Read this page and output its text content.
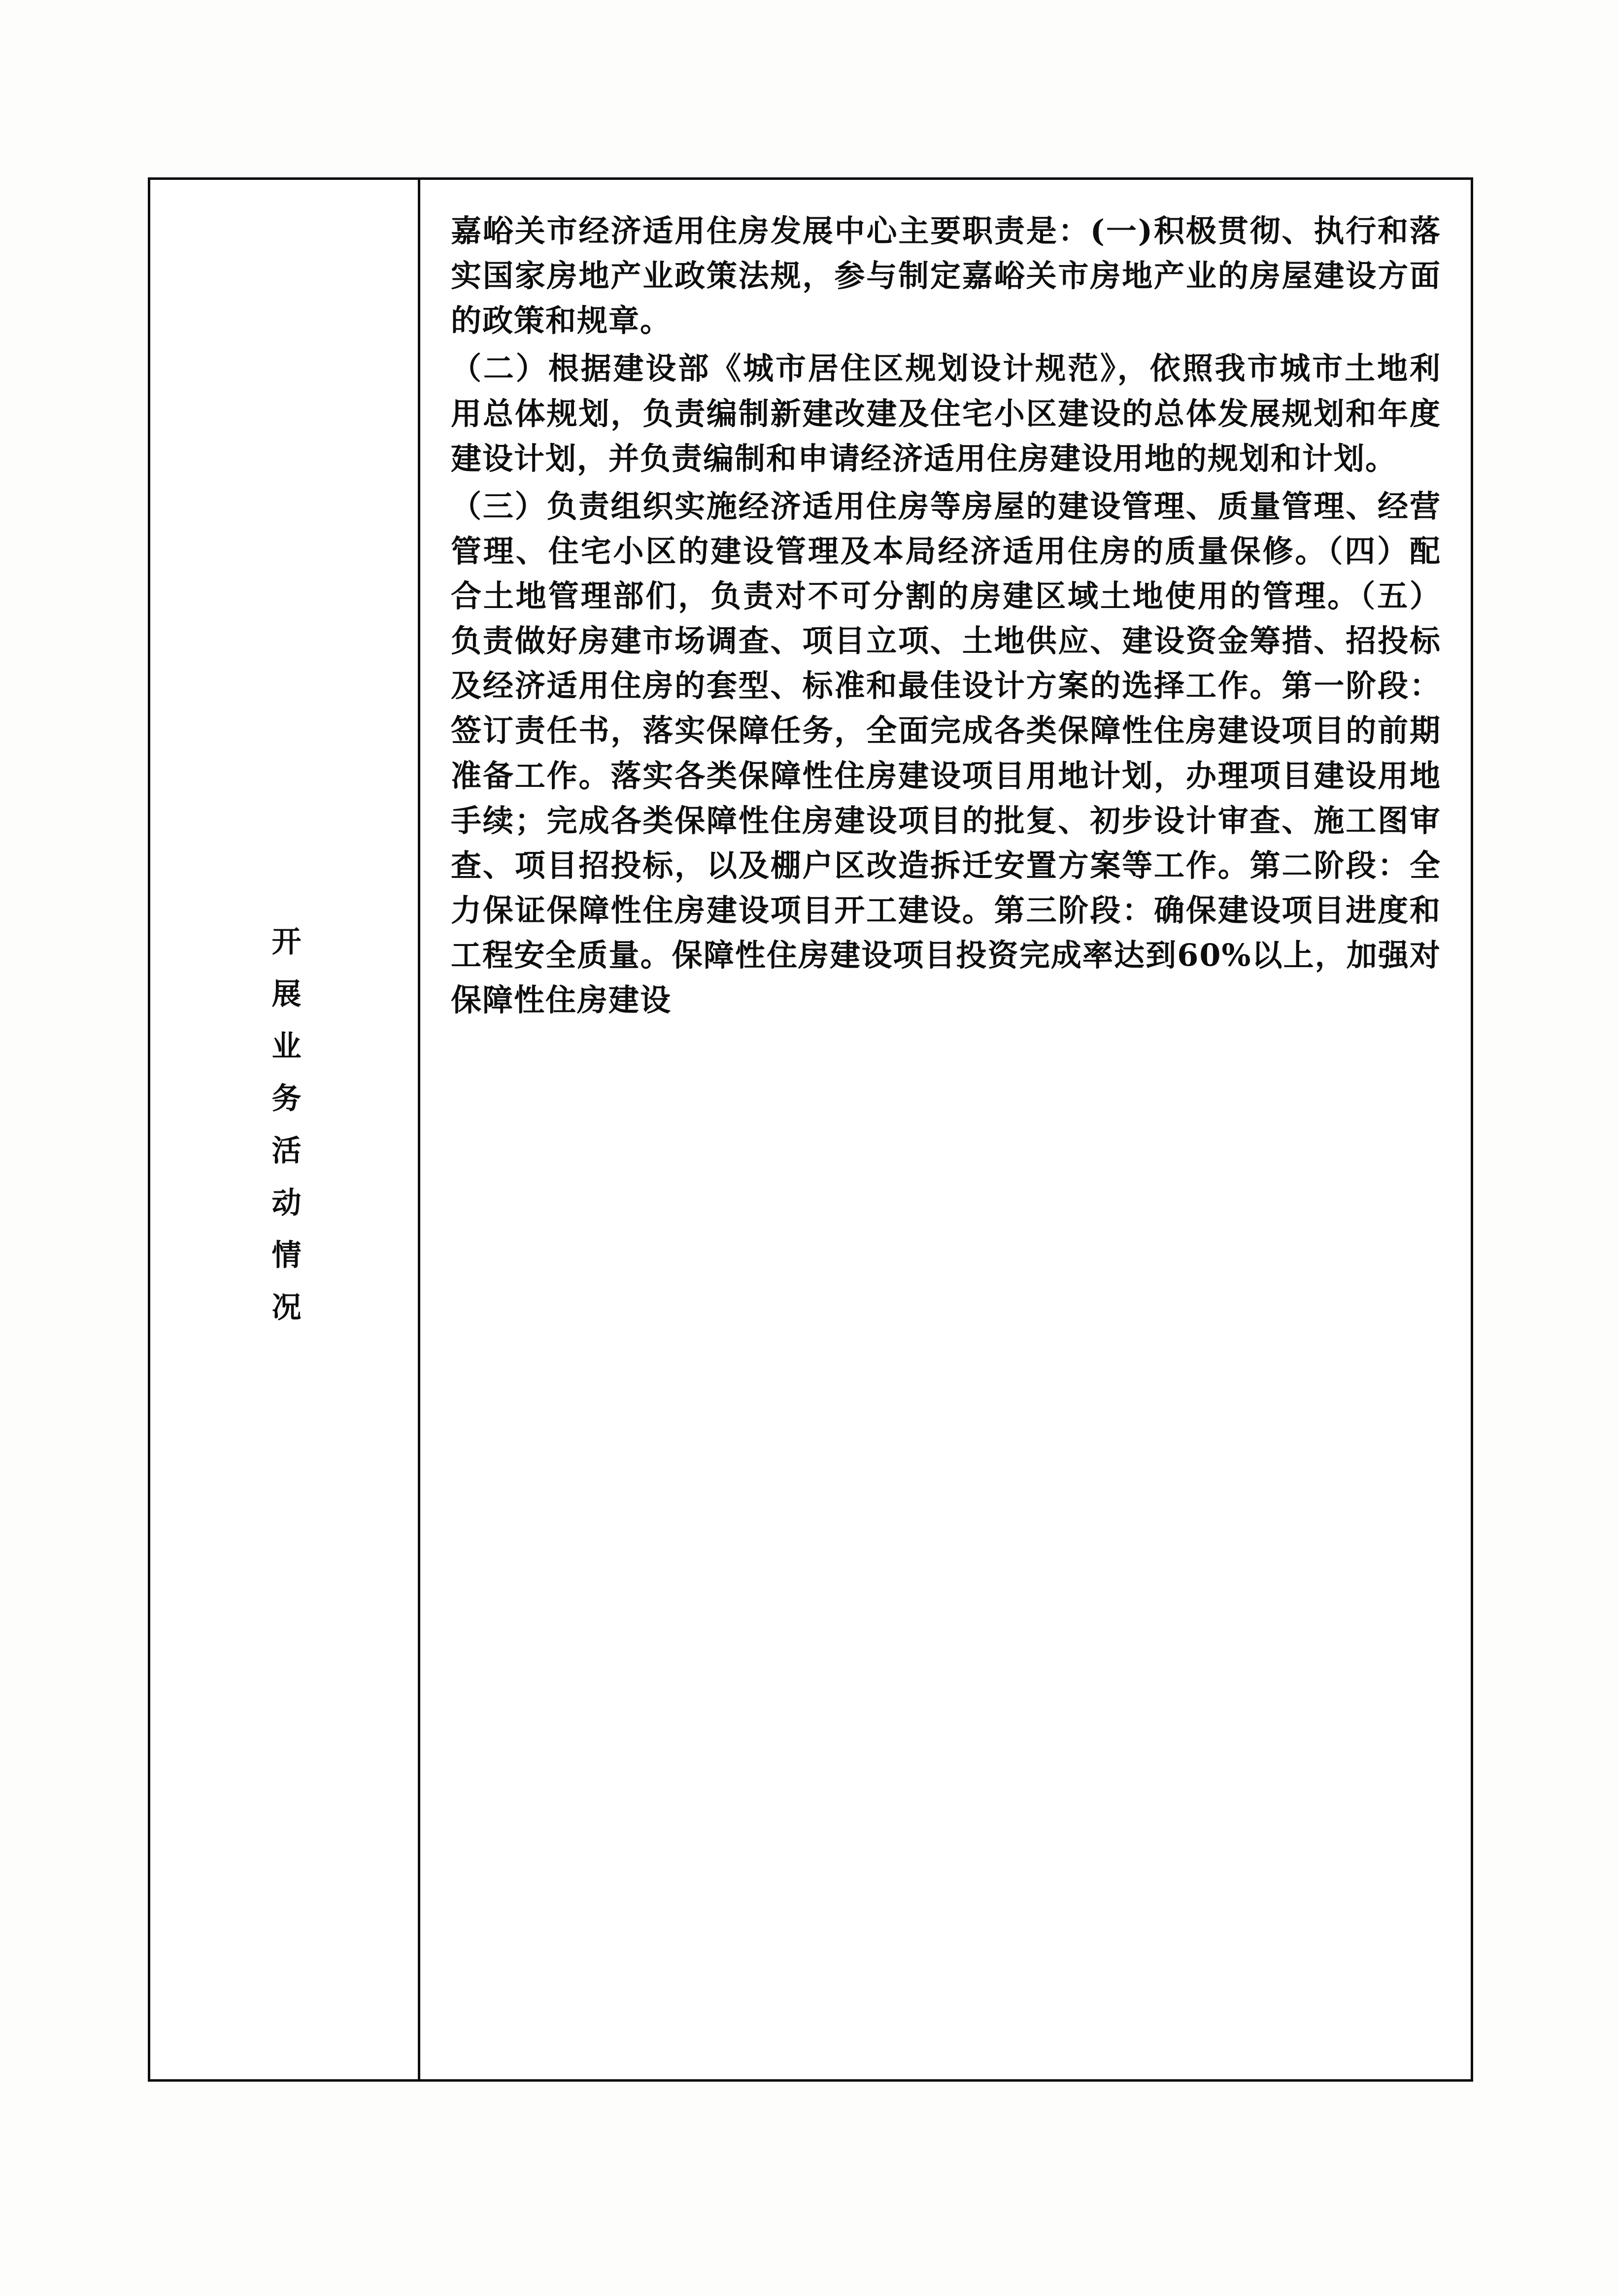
开展业务活动情况

嘉峪关市经济适用住房发展中心主要职责是：(一)积极贯彻、执行和落实国家房地产业政策法规，参与制定嘉峪关市房地产业的房屋建设方面的政策和规章。

（二）根据建设部《城市居住区规划设计规范》，依照我市城市土地利用总体规划，负责编制新建改建及住宅小区建设的总体发展规划和年度建设计划，并负责编制和申请经济适用住房建设用地的规划和计划。

（三）负责组织实施经济适用住房等房屋的建设管理、质量管理、经营管理、住宅小区的建设管理及本局经济适用住房的质量保修。（四）配合土地管理部们，负责对不可分割的房建区域土地使用的管理。（五）负责做好房建市场调查、项目立项、土地供应、建设资金筹措、招投标及经济适用住房的套型、标准和最佳设计方案的选择工作。第一阶段：签订责任书，落实保障任务，全面完成各类保障性住房建设项目的前期准备工作。落实各类保障性住房建设项目用地计划，办理项目建设用地手续；完成各类保障性住房建设项目的批复、初步设计审查、施工图审查、项目招投标，以及棚户区改造拆迁安置方案等工作。第二阶段：全力保证保障性住房建设项目开工建设。第三阶段：确保建设项目进度和工程安全质量。保障性住房建设项目投资完成率达到60%以上，加强对保障性住房建设
